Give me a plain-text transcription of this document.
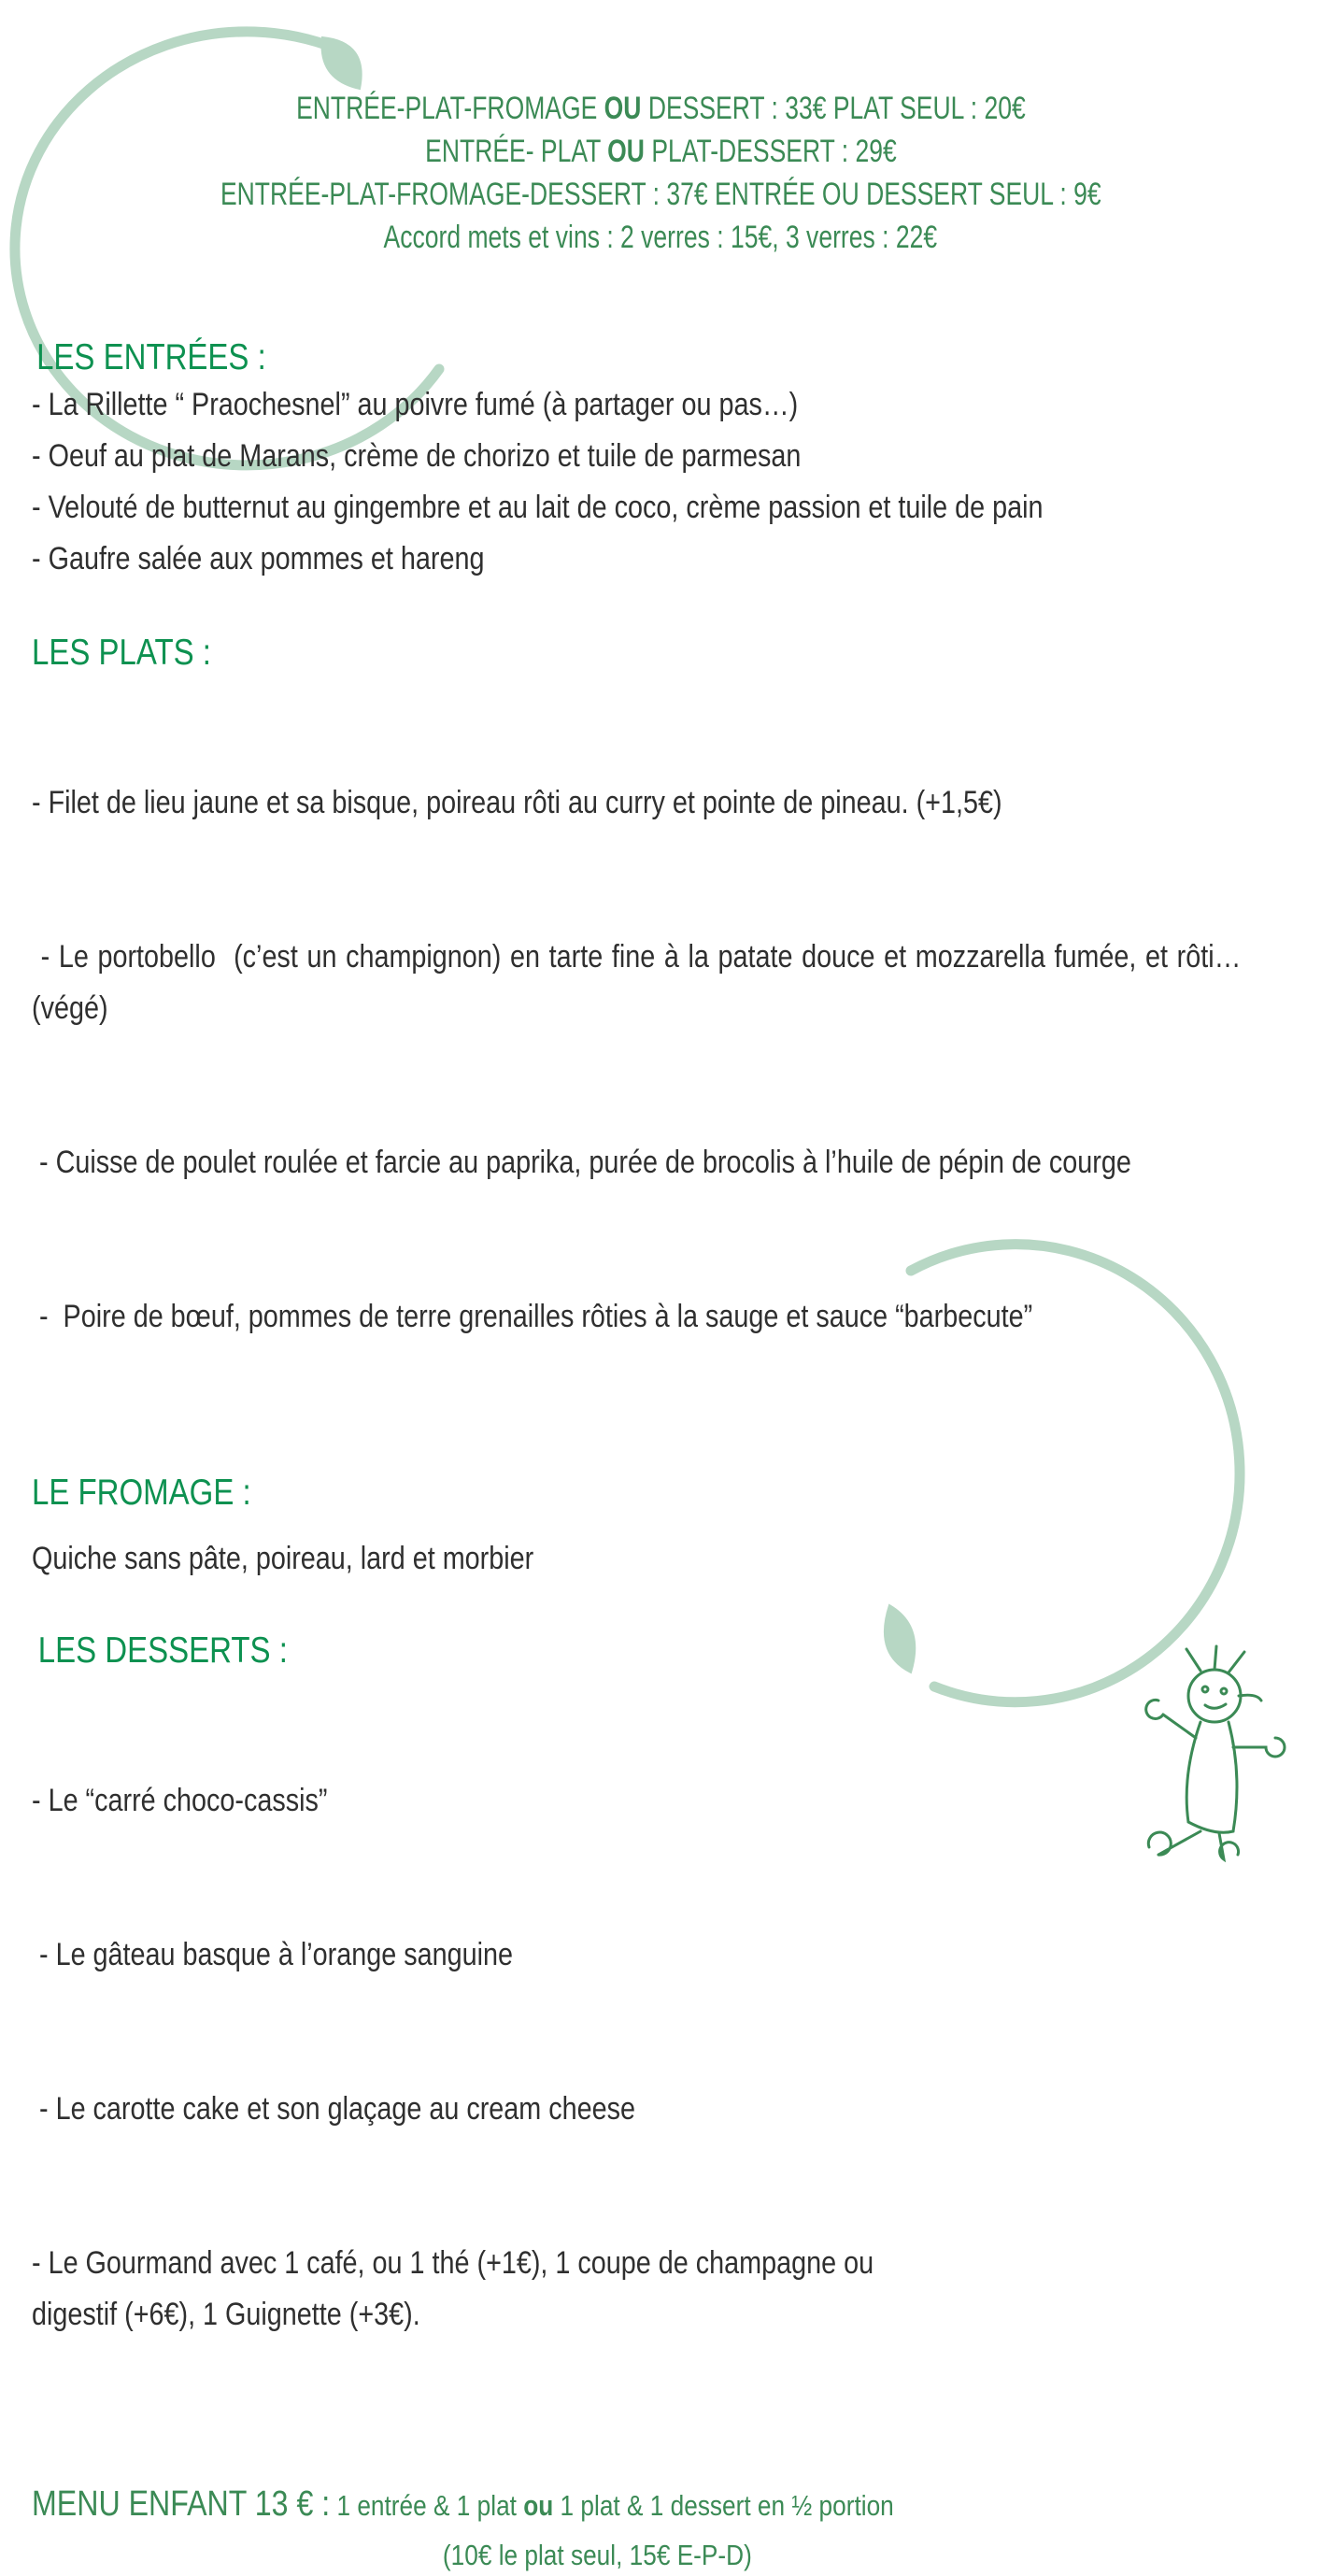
ENTRÉE-PLAT-FROMAGE OU DESSERT : 33€ PLAT SEUL : 20€
ENTRÉE- PLAT OU PLAT-DESSERT : 29€
ENTRÉE-PLAT-FROMAGE-DESSERT : 37€ ENTRÉE OU DESSERT SEUL : 9€
Accord mets et vins : 2 verres : 15€, 3 verres : 22€
LES ENTRÉES :

- La Rillette “ Praochesnel” au poivre fumé (à partager ou pas…)

- Oeuf au plat de Marans, crème de chorizo et tuile de parmesan

- Velouté de butternut au gingembre et au lait de coco, crème passion et tuile de pain

- Gaufre salée aux pommes et hareng

LES PLATS :

- Filet de lieu jaune et sa bisque, poireau rôti au curry et pointe de pineau. (+1,5€)

- Le portobello  (c’est un champignon) en tarte fine à la patate douce et mozzarella fumée, et rôti…(végé)

- Cuisse de poulet roulée et farcie au paprika, purée de brocolis à l’huile de pépin de courge

-  Poire de bœuf, pommes de terre grenailles rôties à la sauge et sauce “barbecute”

LE FROMAGE :

Quiche sans pâte, poireau, lard et morbier

LES DESSERTS :

- Le “carré choco-cassis”

- Le gâteau basque à l’orange sanguine

- Le carotte cake et son glaçage au cream cheese

- Le Gourmand avec 1 café, ou 1 thé (+1€), 1 coupe de champagne ou digestif (+6€), 1 Guignette (+3€).

MENU ENFANT 13 € : 1 entrée & 1 plat ou 1 plat & 1 dessert en ½ portion
(10€ le plat seul, 15€ E-P-D)
